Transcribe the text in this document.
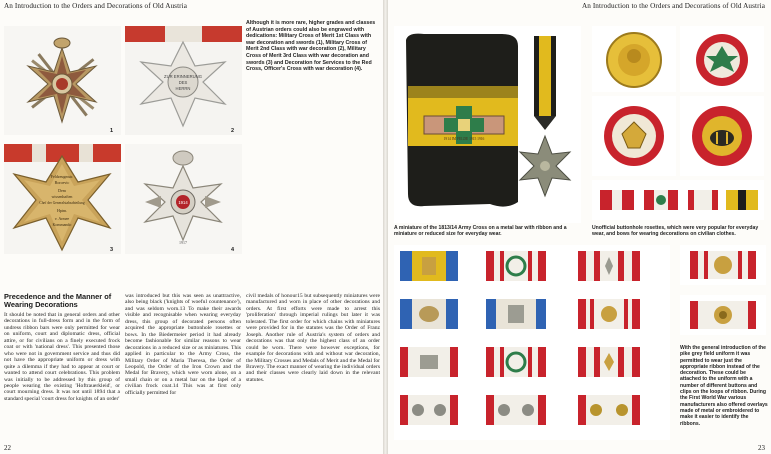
An Introduction to the Orders and Decorations of Old Austria
1
ZUR ERINNERUNG
DES
HERRN
2
Although it is more rare, higher grades and classes of Austrian orders could also be engraved with dedications: Military Cross of Merit 1st Class with war decoration and swords (1), Military Cross of Merit 2nd Class with war decoration (2), Military Cross of Merit 3rd Class with war decoration and swords (3) and Decoration for Services to the Red Cross, Officer's Cross with war decoration (4).
Feldzeugmstr.
Boroevic
Dem
wissenhaften
Chef der Generalstabsabteilung
Hptm.
v. Armee
Kommando
3
1914
1917
4
Precedence and the Manner of Wearing Decorations
It should be noted that in general orders and other decorations in full-dress form and in the form of undress ribbon bars were only permitted for wear on uniform, court and diplomatic dress, official attire, or for civilians on a finely executed frock coat or with 'national dress'. This presented those who were not in government service and thus did not have the appropriate uniform or dress with quite a dilemma if they had to appear at court or wanted to attend court celebrations. This problem was initially to be addressed by this group of people wearing the existing 'Hoftrauerkleid', or court mourning dress. It was not until 1894 that a standard special 'court dress for knights of an order'
was introduced but this was seen as unattractive, also being black ('knights of woeful countenance'), and was seldom worn.13 To make their awards visible and recognisable when wearing everyday dress, this group of decorated persons often acquired the appropriate buttonhole rosettes or bows. In the Biedermeier period it had already become fashionable for similar reasons to wear decorations in a reduced size or as miniatures. This applied in particular to the Army Cross, the Military Order of Maria Theresa, the Order of Leopold, the Order of the Iron Crown and the Medal for Bravery, which were worn alone, on a small chain or on a metal bar on the lapel of a civilian frock coat.14 This was at first only officially permitted for
civil medals of honour15 but subsequently miniatures were manufactured and worn in place of other decorations and orders. At first efforts were made to arrest this 'proliferation' through imperial rulings but later it was tolerated. The first order for which chains with miniatures were provided for in the statutes was the Order of Franz Joseph. Another rule of Austria's system of orders and decorations was that only the highest class of an order could be worn. There were however exceptions, for example for decorations with and without war decoration, the Military Crosses and Medals of Merit and the Medal for Bravery. The exact manner of wearing the individual orders and their classes were clearly laid down in the relevant statutes.
22
An Introduction to the Orders and Decorations of Old Austria
1914 IM FELDE 1915 1916
A miniature of the 1813/14 Army Cross on a metal bar with ribbon and a miniature or reduced size for everyday wear.
Unofficial buttonhole rosettes, which were very popular for everyday wear, and bows for wearing decorations on civilian clothes.
With the general introduction of the pike grey field uniform it was permitted to wear just the appropriate ribbon instead of the decoration. These could be attached to the uniform with a number of different buttons and clips on the loops of ribbon. During the First World War various manufacturers also offered overlays made of metal or embroidered to make it easier to identify the ribbons.
23
